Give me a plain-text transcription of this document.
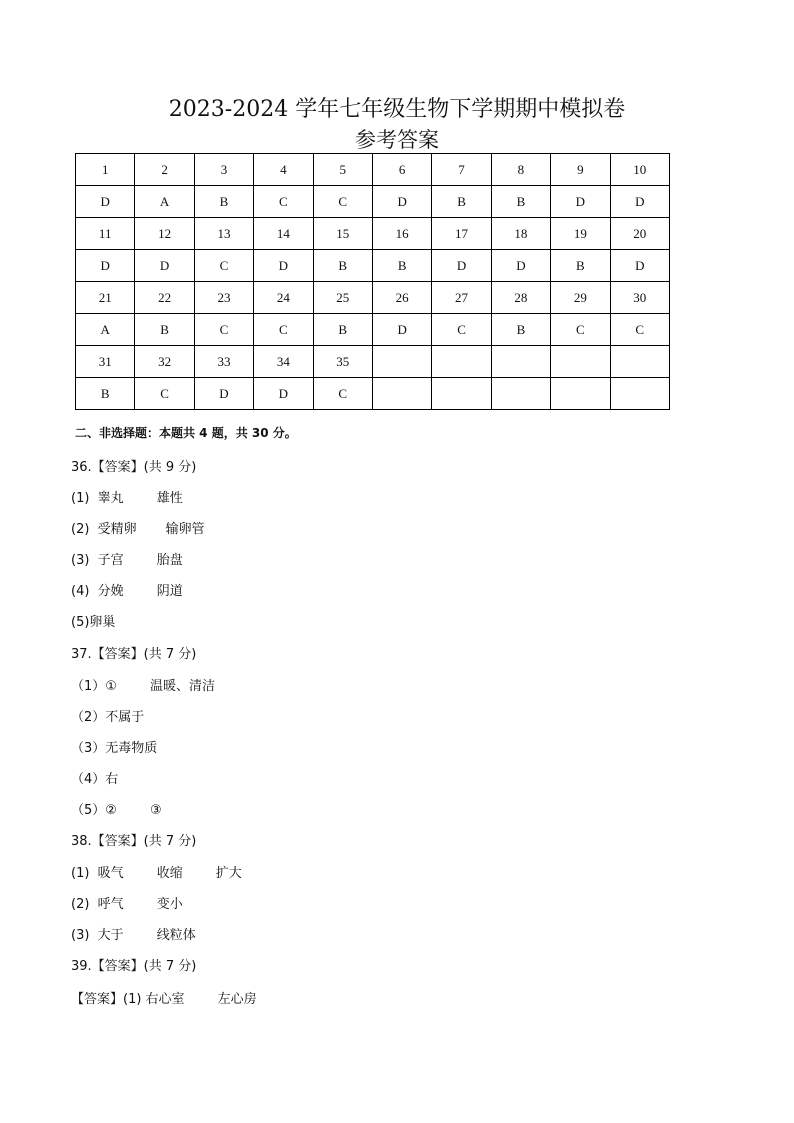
2023-2024 学年七年级生物下学期期中模拟卷
参考答案
1	2	3	4	5	6	7	8	9	10
D	A	B	C	C	D	B	B	D	D
11	12	13	14	15	16	17	18	19	20
D	D	C	D	B	B	D	D	B	D
21	22	23	24	25	26	27	28	29	30
A	B	C	C	B	D	C	B	C	C
31	32	33	34	35					
B	C	D	D	C					
二、非选择题：本题共 4 题，共 30 分。
36.【答案】(共 9 分)
(1)  睾丸        雄性
(2)  受精卵       输卵管
(3)  子宫        胎盘
(4)  分娩        阴道
(5)卵巢
37.【答案】(共 7 分)
（1）①        温暖、清洁
（2）不属于
（3）无毒物质
（4）右
（5）②        ③
38.【答案】(共 7 分)
(1)  吸气        收缩        扩大
(2)  呼气        变小
(3)  大于        线粒体
39.【答案】(共 7 分)
【答案】(1) 右心室        左心房
